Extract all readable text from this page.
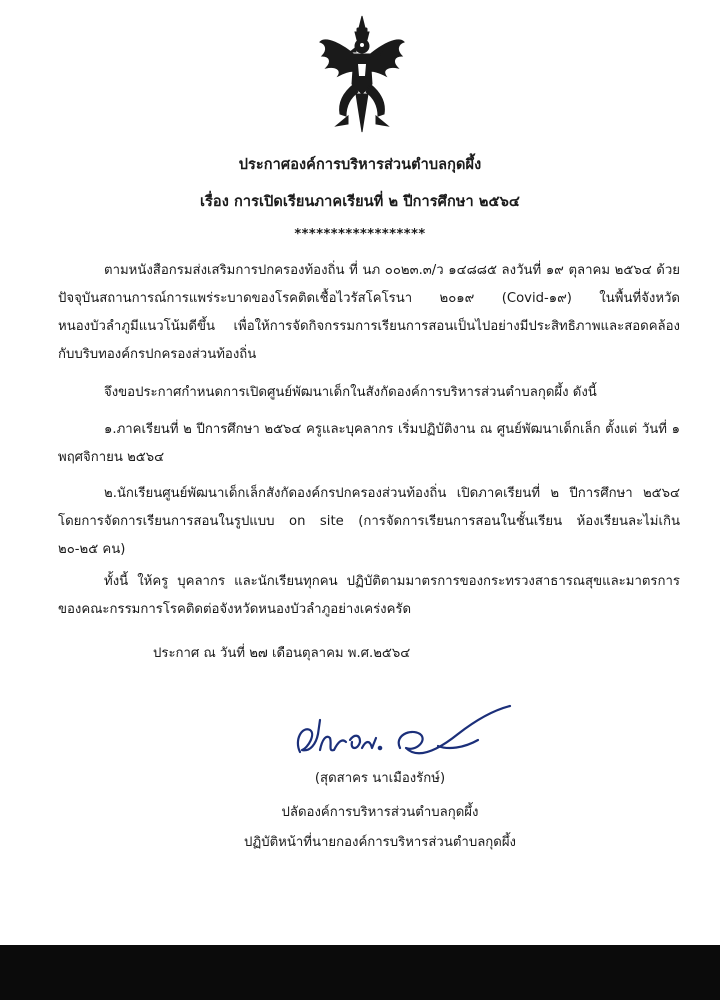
ประกาศองค์การบริหารส่วนตำบลกุดผึ้ง
เรื่อง การเปิดเรียนภาคเรียนที่ ๒ ปีการศึกษา ๒๕๖๔
******************
ตามหนังสือกรมส่งเสริมการปกครองท้องถิ่น ที่ นภ ๐๐๒๓.๓/ว ๑๔๘๘๕ ลงวันที่ ๑๙ ตุลาคม ๒๕๖๔ ด้วยปัจจุบันสถานการณ์การแพร่ระบาดของโรคติดเชื้อไวรัสโคโรนา ๒๐๑๙ (Covid-๑๙) ในพื้นที่จังหวัดหนองบัวลำภูมีแนวโน้มดีขึ้น เพื่อให้การจัดกิจกรรมการเรียนการสอนเป็นไปอย่างมีประสิทธิภาพและสอดคล้องกับบริบทองค์กรปกครองส่วนท้องถิ่น
จึงขอประกาศกำหนดการเปิดศูนย์พัฒนาเด็กในสังกัดองค์การบริหารส่วนตำบลกุดผึ้ง ดังนี้
๑.ภาคเรียนที่ ๒ ปีการศึกษา ๒๕๖๔ ครูและบุคลากร เริ่มปฏิบัติงาน ณ ศูนย์พัฒนาเด็กเล็ก ตั้งแต่ วันที่ ๑ พฤศจิกายน ๒๕๖๔
๒.นักเรียนศูนย์พัฒนาเด็กเล็กสังกัดองค์กรปกครองส่วนท้องถิ่น เปิดภาคเรียนที่ ๒ ปีการศึกษา ๒๕๖๔ โดยการจัดการเรียนการสอนในรูปแบบ on site (การจัดการเรียนการสอนในชั้นเรียน ห้องเรียนละไม่เกิน ๒๐-๒๕ คน)
ทั้งนี้ ให้ครู บุคลากร และนักเรียนทุกคน ปฏิบัติตามมาตรการของกระทรวงสาธารณสุขและมาตรการของคณะกรรมการโรคติดต่อจังหวัดหนองบัวลำภูอย่างเคร่งครัด
ประกาศ ณ วันที่ ๒๗ เดือนตุลาคม พ.ศ.๒๕๖๔
(สุดสาคร นาเมืองรักษ์)
ปลัดองค์การบริหารส่วนตำบลกุดผึ้ง
ปฏิบัติหน้าที่นายกองค์การบริหารส่วนตำบลกุดผึ้ง
